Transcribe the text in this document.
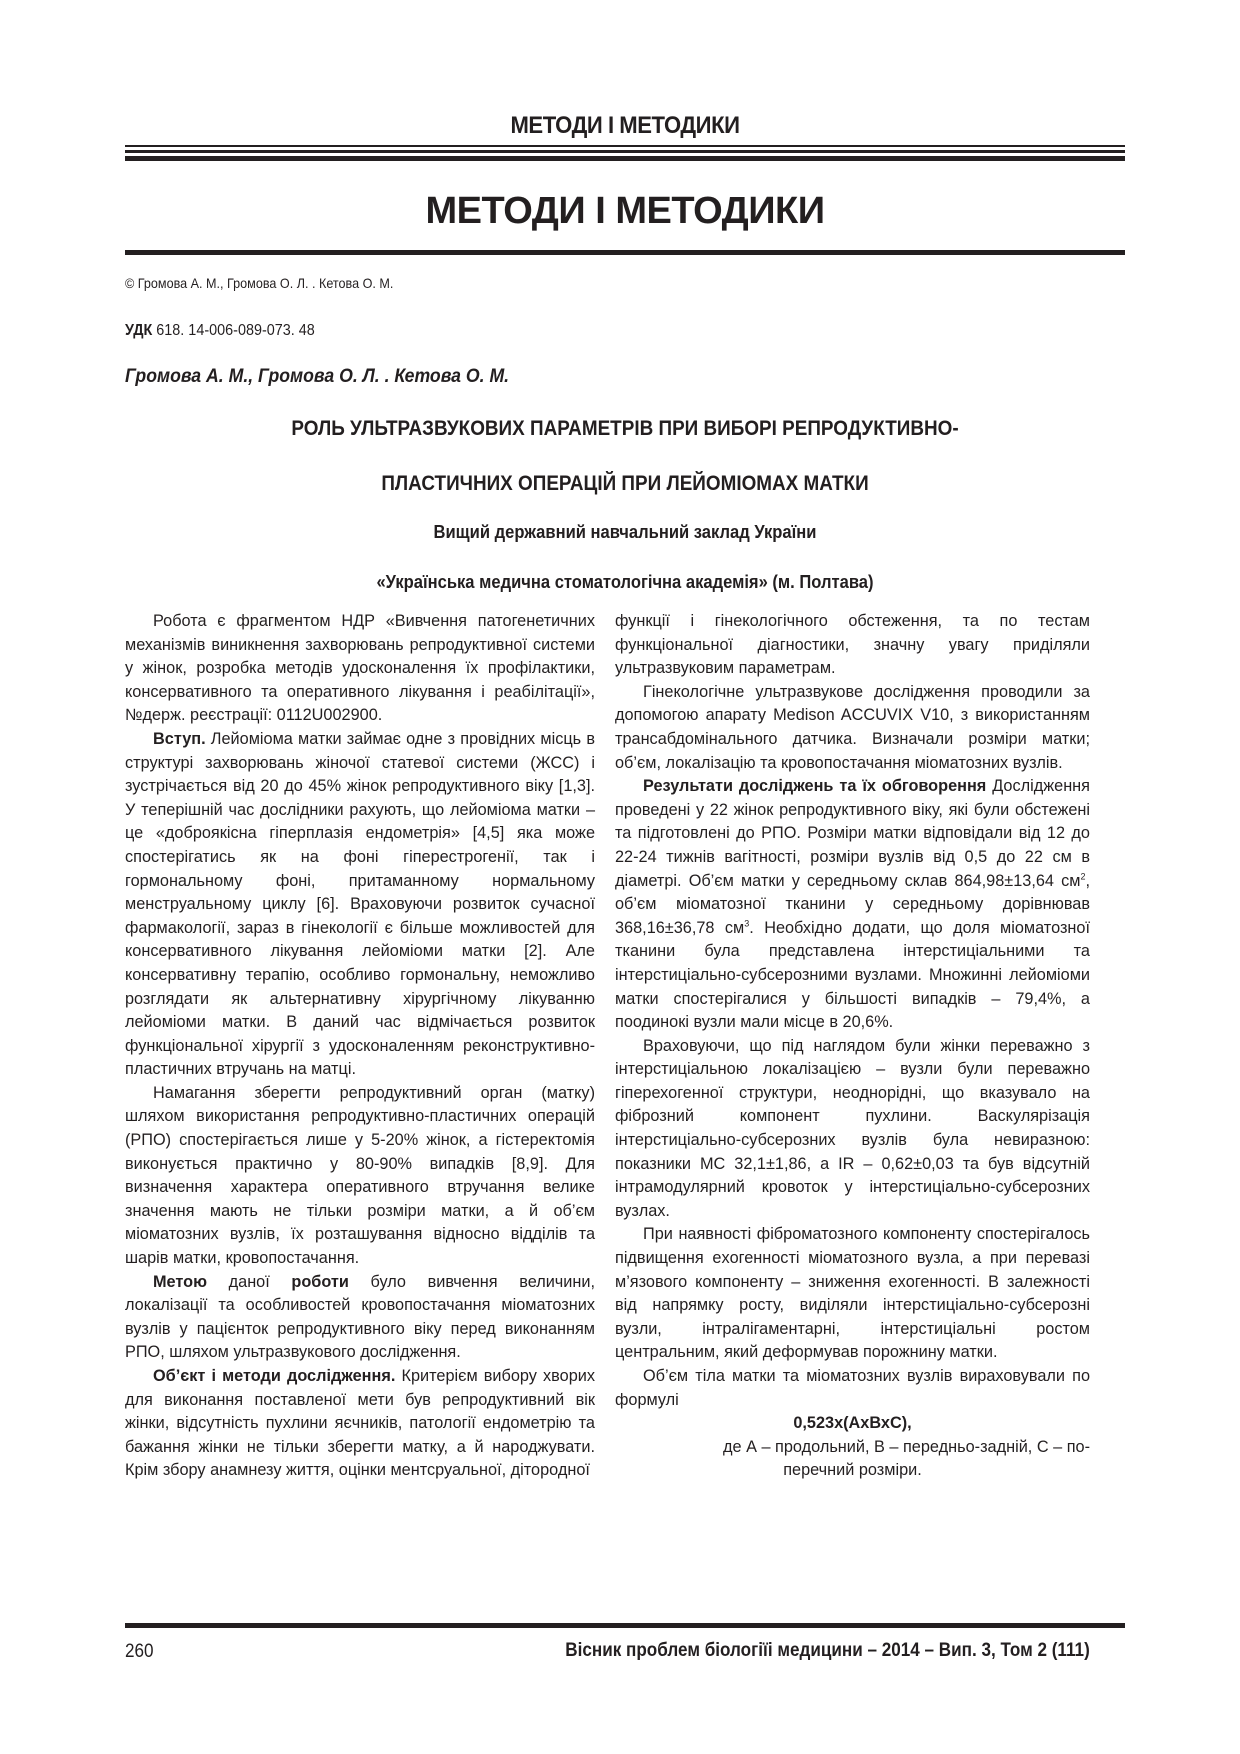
МЕТОДИ І МЕТОДИКИ
МЕТОДИ І МЕТОДИКИ
© Громова А. М., Громова О. Л. . Кетова О. М.
УДК 618. 14-006-089-073. 48
Громова А. М., Громова О. Л. . Кетова О. М.
РОЛЬ УЛЬТРАЗВУКОВИХ ПАРАМЕТРІВ ПРИ ВИБОРІ РЕПРОДУКТИВНО-
ПЛАСТИЧНИХ ОПЕРАЦІЙ ПРИ ЛЕЙОМІОМАХ МАТКИ
Вищий державний навчальний заклад України
«Українська медична стоматологічна академія» (м. Полтава)

Робота є фрагментом НДР «Вивчення патогенетичних механізмів виникнення захворювань репродуктивної системи у жінок, розробка методів удосконалення їх профілактики, консервативного та оперативного лікування і реабілітації», №держ. реєстрації: 0112U002900.

Вступ. Лейоміома матки займає одне з провідних місць в структурі захворювань жіночої статевої системи (ЖСС) і зустрічається від 20 до 45% жінок репродуктивного віку [1,3]. У теперішній час дослідники рахують, що лейоміома матки – це «доброякісна гіперплазія ендометрія» [4,5] яка може спостерігатись як на фоні гіперестрогенії, так і гормональному фоні, притаманному нормальному менструальному циклу [6]. Враховуючи розвиток сучасної фармакології, зараз в гінекології є більше можливостей для консервативного лікування лейоміоми матки [2]. Але консервативну терапію, особливо гормональну, неможливо розглядати як альтернативну хірургічному лікуванню лейоміоми матки. В даний час відмічається розвиток функціональної хірургії з удосконаленням реконструктивно-пластичних втручань на матці.

Намагання зберегти репродуктивний орган (матку) шляхом використання репродуктивно-пластичних операцій (РПО) спостерігається лише у 5-20% жінок, а гістеректомія виконується практично у 80-90% випадків [8,9]. Для визначення характера оперативного втручання велике значення мають не тільки розміри матки, а й об’єм міоматозних вузлів, їх розташування відносно відділів та шарів матки, кровопостачання.

Метою даної роботи було вивчення величини, локалізації та особливостей кровопостачання міоматозних вузлів у пацієнток репродуктивного віку перед виконанням РПО, шляхом ультразвукового дослідження.

Об’єкт і методи дослідження. Критерієм вибору хворих для виконання поставленої мети був репродуктивний вік жінки, відсутність пухлини яєчників, патології ендометрію та бажання жінки не тільки зберегти матку, а й народжувати. Крім збору анамнезу життя, оцінки ментсруальної, дітородної

функції і гінекологічного обстеження, та по тестам функціональної діагностики, значну увагу приділяли ультразвуковим параметрам.

Гінекологічне ультразвукове дослідження проводили за допомогою апарату Medison ACCUVIX V10, з використанням трансабдомінального датчика. Визначали розміри матки; об’єм, локалізацію та кровопостачання міоматозних вузлів.

Результати досліджень та їх обговорення Дослідження проведені у 22 жінок репродуктивного віку, які були обстежені та підготовлені до РПО. Розміри матки відповідали від 12 до 22-24 тижнів вагітності, розміри вузлів від 0,5 до 22 см в діаметрі. Об’єм матки у середньому склав 864,98±13,64 $см^2$, об’єм міоматозної тканини у середньому дорівнював 368,16±36,78 $см^3$. Необхідно додати, що доля міоматозної тканини була представлена інтерстиціальними та інтерстиціально-субсерозними вузлами. Множинні лейоміоми матки спостерігалися у більшості випадків – 79,4%, а поодинокі вузли мали місце в 20,6%.

Враховуючи, що під наглядом були жінки переважно з інтерстиціальною локалізацією – вузли були переважно гіперехогенної структури, неоднорідні, що вказувало на фіброзний компонент пухлини. Васкулярізація інтерстиціально-субсерозних вузлів була невиразною: показники МС 32,1±1,86, а IR – 0,62±0,03 та був відсутній інтрамодулярний кровоток у інтерстиціально-субсерозних вузлах.

При наявності фіброматозного компоненту спостерігалось підвищення exогенності міоматозного вузла, а при перевазі м’язового компоненту – зниження exогенності. В залежності від напрямку росту, виділяли інтерстиціально-субсерозні вузли, інтралігаментарні, інтерстиціальні ростом центральним, який деформував порожнину матки.

Об’єм тіла матки та міоматозних вузлів вираховували по формулі

0,523х(АхВхС),

де А – продольний, В – передньо-задній, С – по-

перечний розміри.

260	Вісник проблем біологіїі медицини – 2014 – Вип. 3, Том 2 (111)
